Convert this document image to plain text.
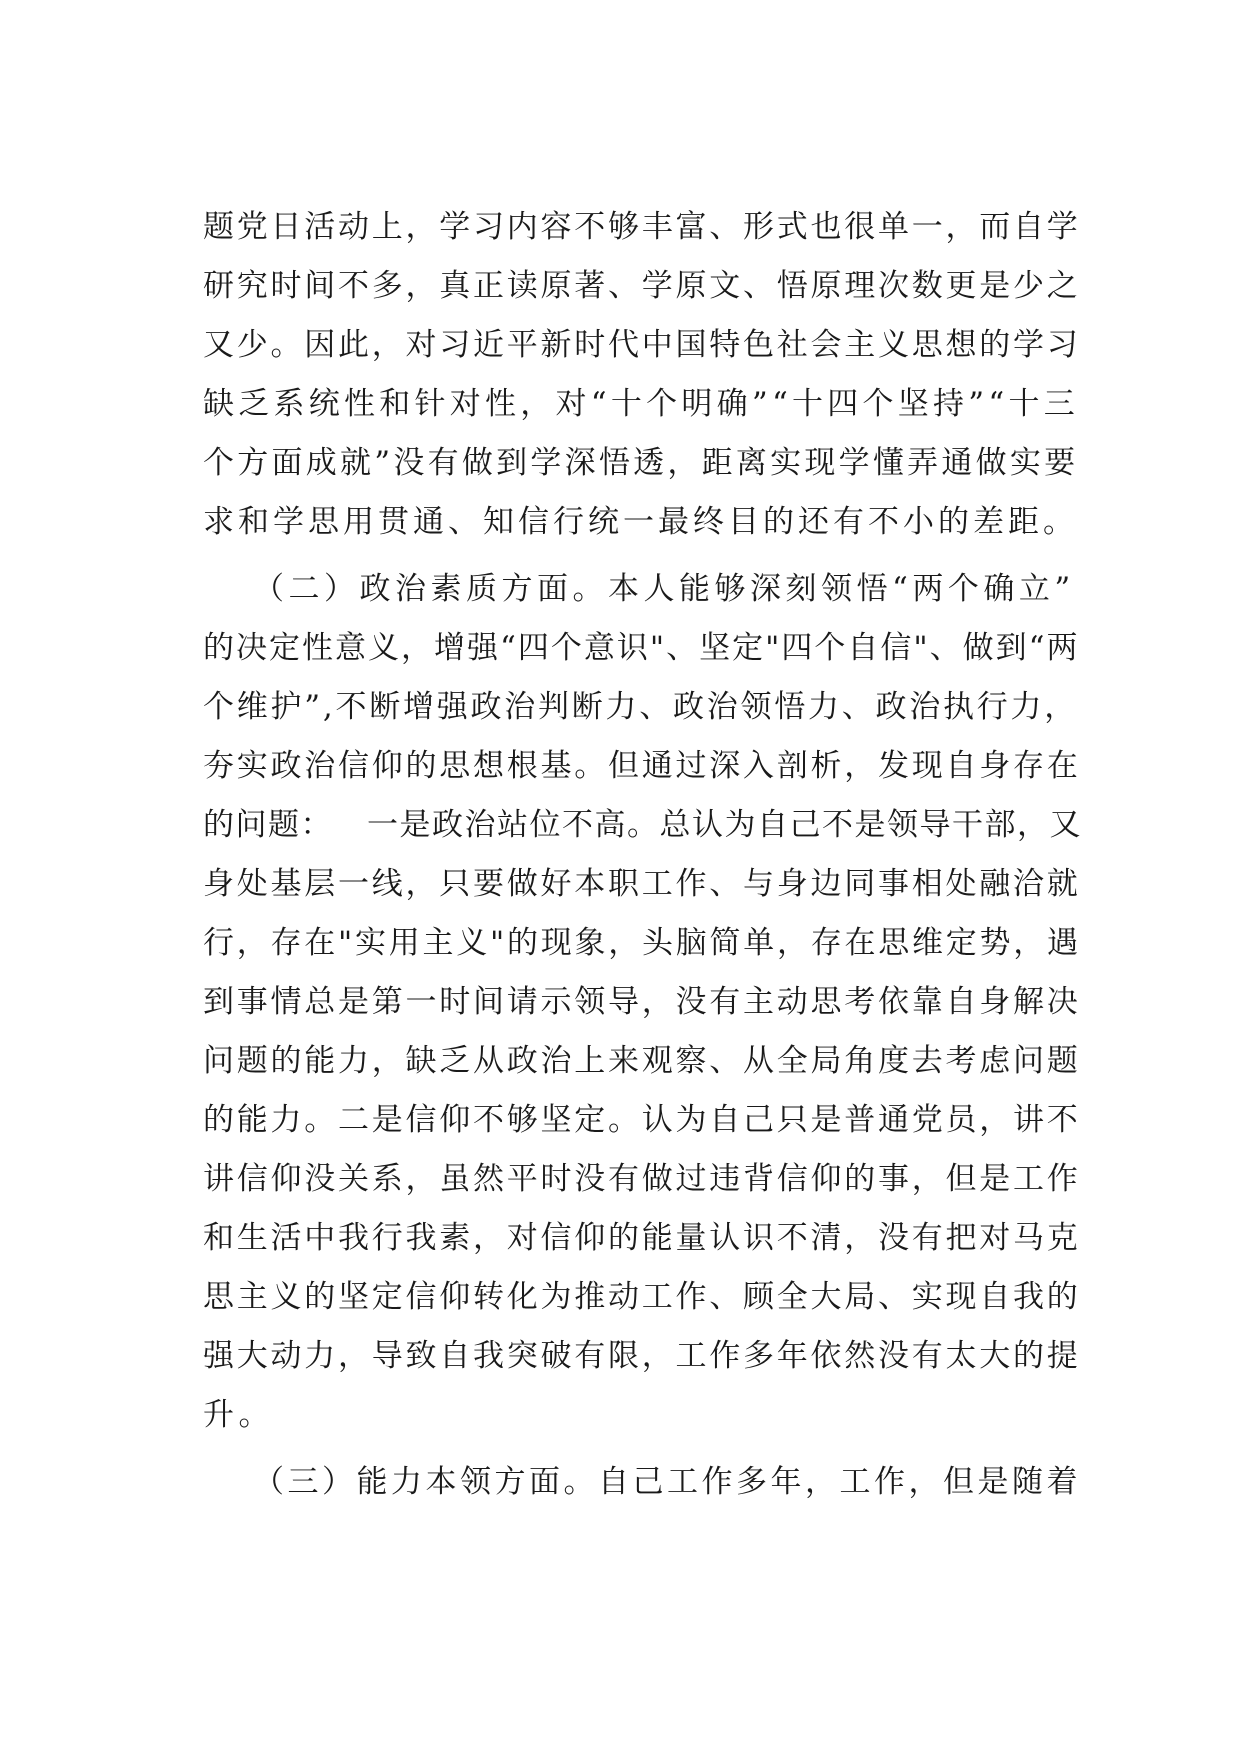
题党日活动上，学习内容不够丰富、形式也很单一，而自学
研究时间不多，真正读原著、学原文、悟原理次数更是少之
又少。因此，对习近平新时代中国特色社会主义思想的学习
缺乏系统性和针对性，对“十个明确”“十四个坚持”“十三
个方面成就”没有做到学深悟透，距离实现学懂弄通做实要
求和学思用贯通、知信行统一最终目的还有不小的差距。
（二）政治素质方面。本人能够深刻领悟“两个确立”
的决定性意义，增强“四个意识"、坚定"四个自信"、做到“两
个维护”,不断增强政治判断力、政治领悟力、政治执行力，
夯实政治信仰的思想根基。但通过深入剖析，发现自身存在
的问题：   一是政治站位不高。总认为自己不是领导干部，又
身处基层一线，只要做好本职工作、与身边同事相处融洽就
行，存在"实用主义"的现象，头脑简单，存在思维定势，遇
到事情总是第一时间请示领导，没有主动思考依靠自身解决
问题的能力，缺乏从政治上来观察、从全局角度去考虑问题
的能力。二是信仰不够坚定。认为自己只是普通党员，讲不
讲信仰没关系，虽然平时没有做过违背信仰的事，但是工作
和生活中我行我素，对信仰的能量认识不清，没有把对马克
思主义的坚定信仰转化为推动工作、顾全大局、实现自我的
强大动力，导致自我突破有限，工作多年依然没有太大的提
升。
（三）能力本领方面。自己工作多年，工作，但是随着
